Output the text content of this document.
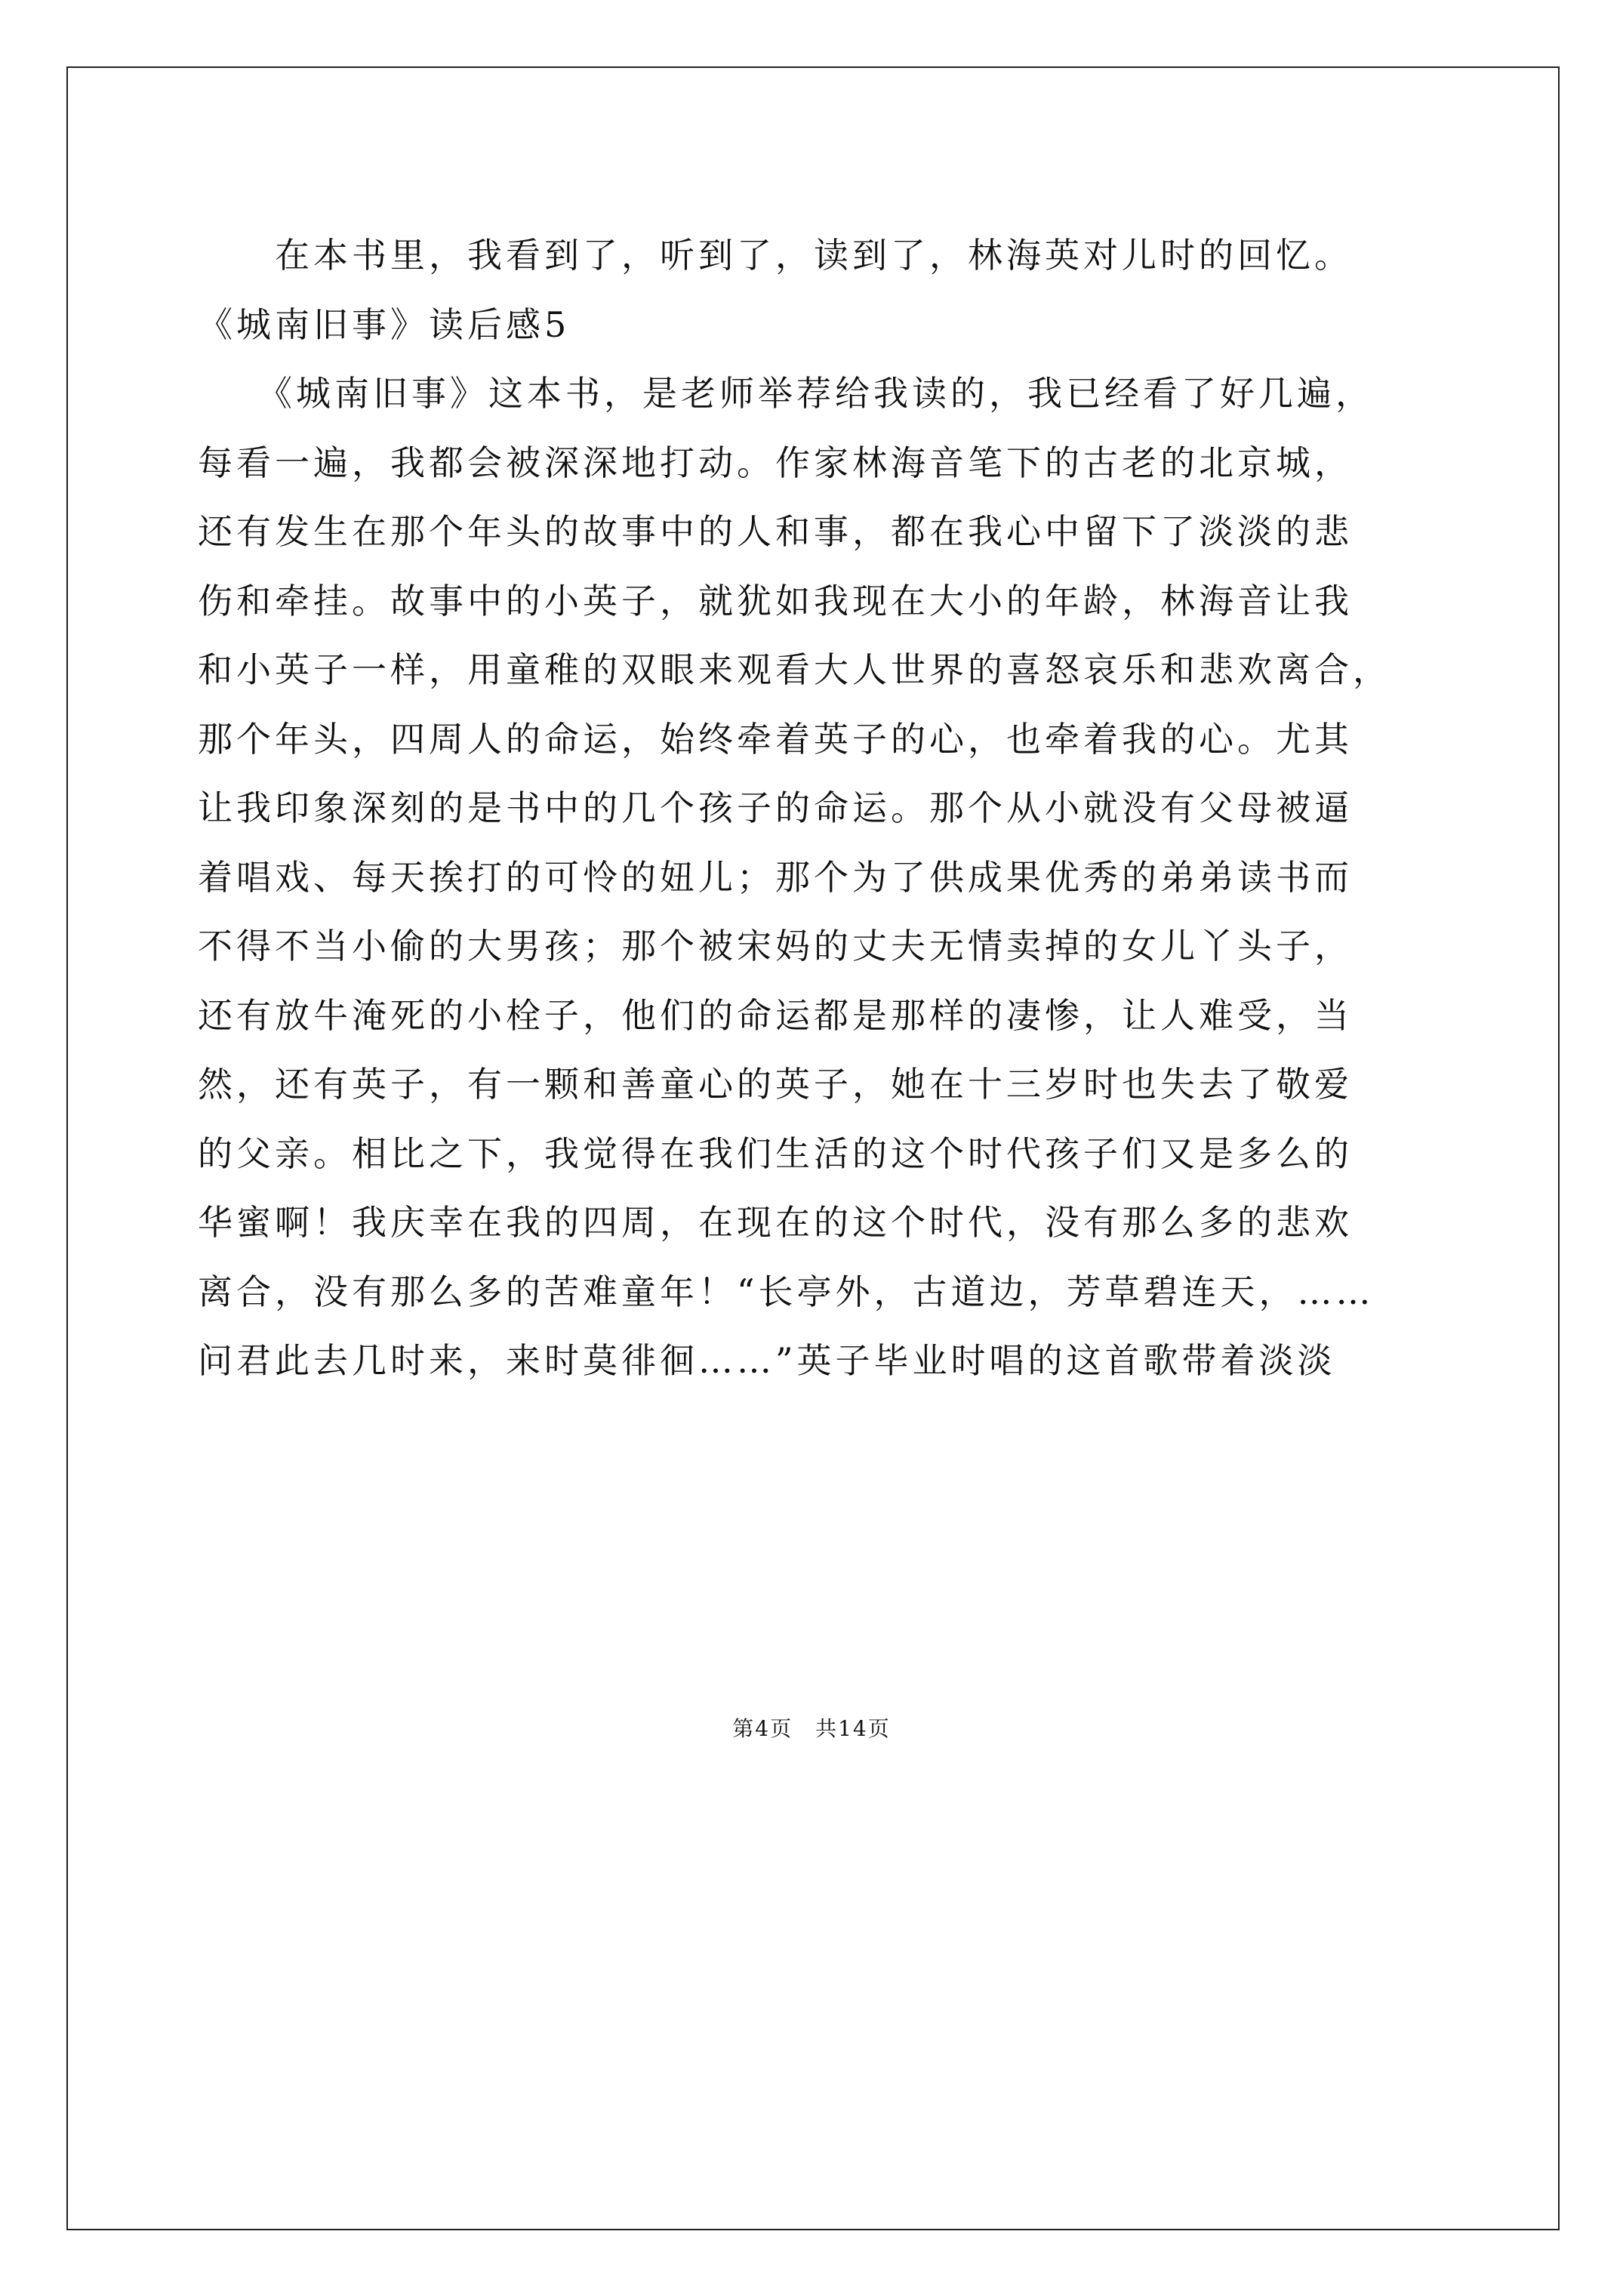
　　在本书里，我看到了，听到了，读到了，林海英对儿时的回忆。
《城南旧事》读后感5
　　《城南旧事》这本书，是老师举荐给我读的，我已经看了好几遍，
每看一遍，我都会被深深地打动。作家林海音笔下的古老的北京城，
还有发生在那个年头的故事中的人和事，都在我心中留下了淡淡的悲
伤和牵挂。故事中的小英子，就犹如我现在大小的年龄，林海音让我
和小英子一样，用童稚的双眼来观看大人世界的喜怒哀乐和悲欢离合，
那个年头，四周人的命运，始终牵着英子的心，也牵着我的心。尤其
让我印象深刻的是书中的几个孩子的命运。那个从小就没有父母被逼
着唱戏、每天挨打的可怜的妞儿；那个为了供成果优秀的弟弟读书而
不得不当小偷的大男孩；那个被宋妈的丈夫无情卖掉的女儿丫头子，
还有放牛淹死的小栓子，他们的命运都是那样的凄惨，让人难受，当
然，还有英子，有一颗和善童心的英子，她在十三岁时也失去了敬爱
的父亲。相比之下，我觉得在我们生活的这个时代孩子们又是多么的
华蜜啊！我庆幸在我的四周，在现在的这个时代，没有那么多的悲欢
离合，没有那么多的苦难童年！“长亭外，古道边，芳草碧连天，……
问君此去几时来，来时莫徘徊……”英子毕业时唱的这首歌带着淡淡
第4页　共14页
